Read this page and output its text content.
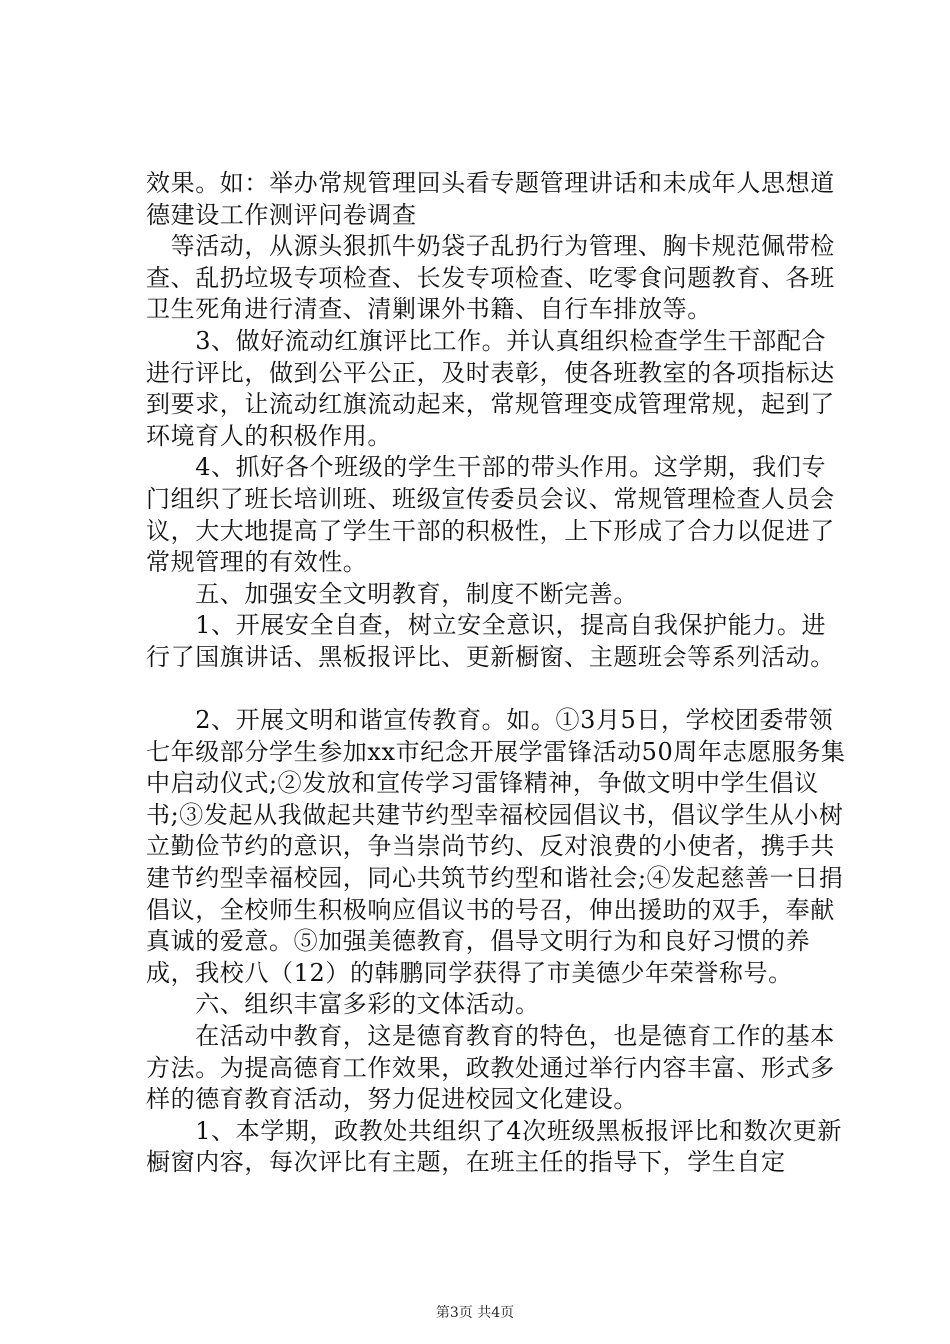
效果。如：举办常规管理回头看专题管理讲话和未成年人思想道德建设工作测评问卷调查

　等活动，从源头狠抓牛奶袋子乱扔行为管理、胸卡规范佩带检查、乱扔垃圾专项检查、长发专项检查、吃零食问题教育、各班卫生死角进行清查、清剿课外书籍、自行车排放等。

　　3、做好流动红旗评比工作。并认真组织检查学生干部配合进行评比，做到公平公正，及时表彰，使各班教室的各项指标达到要求，让流动红旗流动起来，常规管理变成管理常规，起到了环境育人的积极作用。

　　4、抓好各个班级的学生干部的带头作用。这学期，我们专门组织了班长培训班、班级宣传委员会议、常规管理检查人员会议，大大地提高了学生干部的积极性，上下形成了合力以促进了常规管理的有效性。

　　五、加强安全文明教育，制度不断完善。

　　1、开展安全自查，树立安全意识，提高自我保护能力。进行了国旗讲话、黑板报评比、更新橱窗、主题班会等系列活动。

　　2、开展文明和谐宣传教育。如。①3月5日，学校团委带领七年级部分学生参加xx市纪念开展学雷锋活动50周年志愿服务集中启动仪式;②发放和宣传学习雷锋精神，争做文明中学生倡议书;③发起从我做起共建节约型幸福校园倡议书，倡议学生从小树立勤俭节约的意识，争当崇尚节约、反对浪费的小使者，携手共建节约型幸福校园，同心共筑节约型和谐社会;④发起慈善一日捐倡议，全校师生积极响应倡议书的号召，伸出援助的双手，奉献真诚的爱意。⑤加强美德教育，倡导文明行为和良好习惯的养成，我校八（12）的韩鹏同学获得了市美德少年荣誉称号。

　　六、组织丰富多彩的文体活动。

　　在活动中教育，这是德育教育的特色，也是德育工作的基本方法。为提高德育工作效果，政教处通过举行内容丰富、形式多样的德育教育活动，努力促进校园文化建设。

　　1、本学期，政教处共组织了4次班级黑板报评比和数次更新橱窗内容，每次评比有主题，在班主任的指导下，学生自定

第3页 共4页
